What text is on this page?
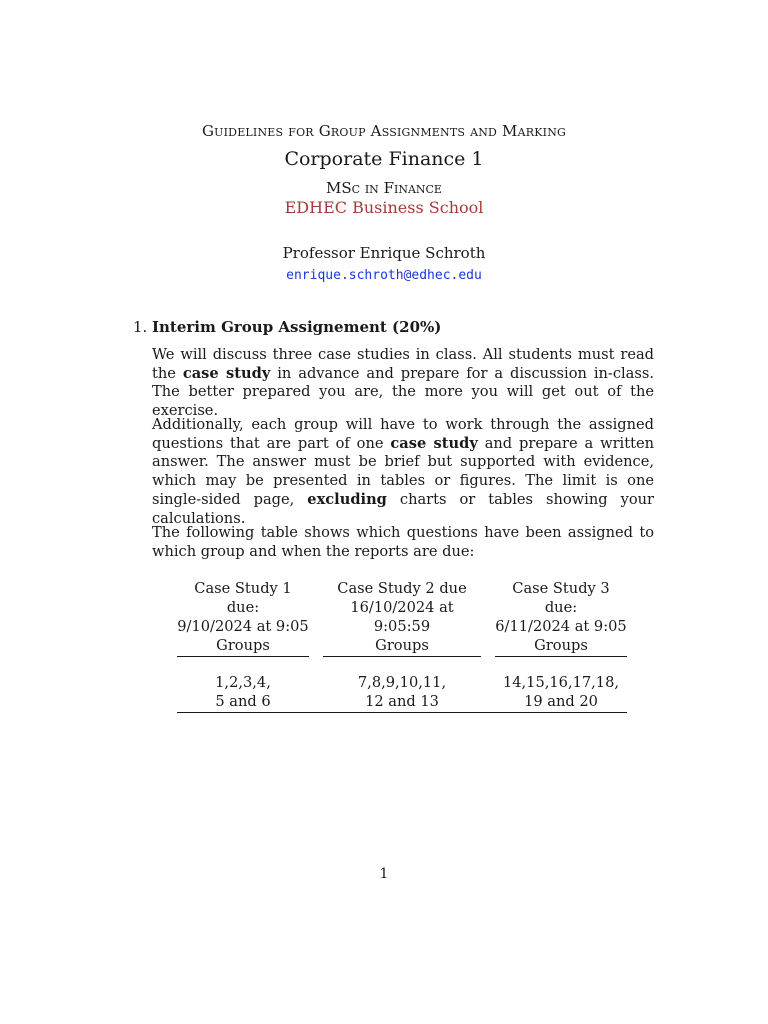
Guidelines for Group Assignments and Marking
Corporate Finance 1
MSc in Finance
EDHEC Business School
Professor Enrique Schroth
enrique.schroth@edhec.edu
1. Interim Group Assignement (20%)
We will discuss three case studies in class. All students must read the case study in advance and prepare for a discussion in-class. The better prepared you are, the more you will get out of the exercise.
Additionally, each group will have to work through the assigned questions that are part of one case study and prepare a written answer. The answer must be brief but supported with evidence, which may be presented in tables or figures. The limit is one single-sided page, excluding charts or tables showing your calculations.
The following table shows which questions have been assigned to which group and when the reports are due:
Case Study 1 due:
9/10/2024 at 9:05
Case Study 2 due
16/10/2024 at 9:05:59
Case Study 3 due:
6/11/2024 at 9:05
Groups	Groups	Groups
1,2,3,4,
5 and 6
7,8,9,10,11,
12 and 13
14,15,16,17,18,
19 and 20
1
